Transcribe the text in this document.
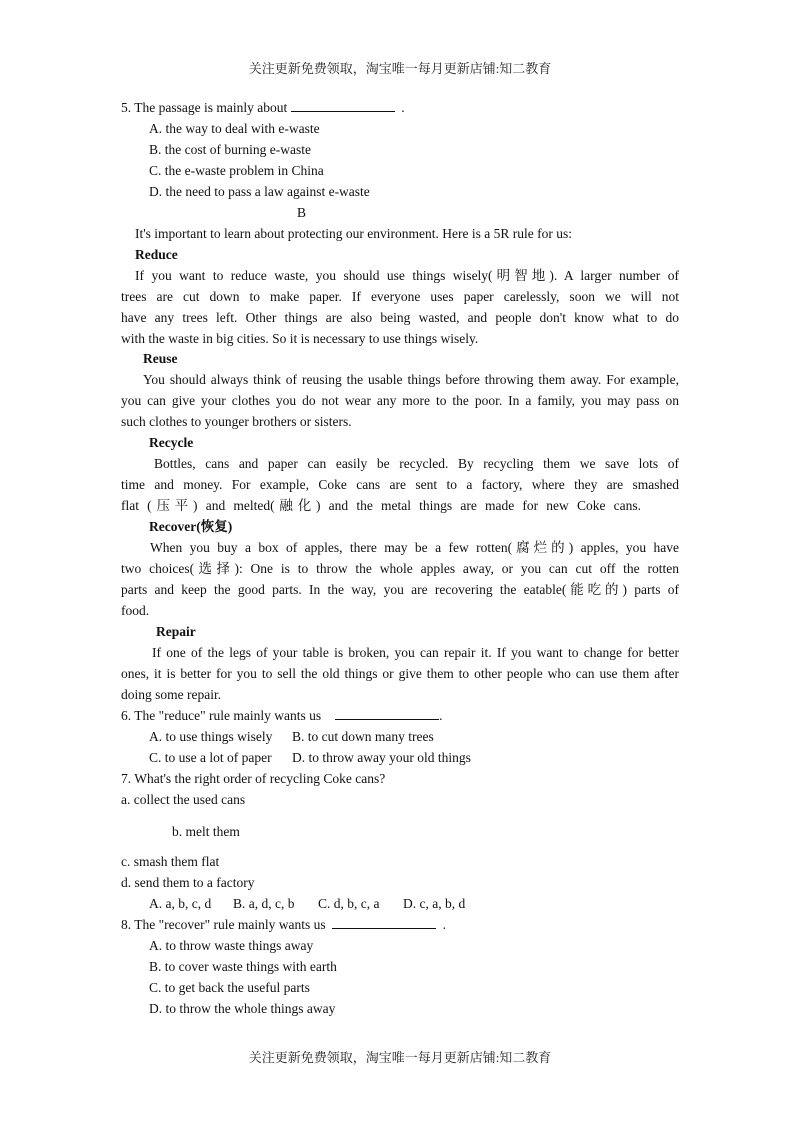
关注更新免费领取，淘宝唯一每月更新店铺:知二教育
5. The passage is mainly about	.
A. the way to deal with e-waste
B. the cost of burning e-waste
C. the e-waste problem in China
D. the need to pass a law against e-waste
B
It's important to learn about protecting our environment. Here is a 5R rule for us:
Reduce
If you want to reduce waste, you should use things wisely(明智地). A larger number of
trees are cut down to make paper. If everyone uses paper carelessly, soon we will not
have any trees left. Other things are also being wasted, and people don't know what to do
with the waste in big cities. So it is necessary to use things wisely.
Reuse
You should always think of reusing the usable things before throwing them away. For example,
you can give your clothes you do not wear any more to the poor. In a family, you may pass on
such clothes to younger brothers or sisters.
Recycle
Bottles, cans and paper can easily be recycled. By recycling them we save lots of
time and money. For example, Coke cans are sent to a factory, where they are smashed
flat (压平) and melted(融化) and the metal things are made for new Coke cans.
Recover(恢复)
When you buy a box of apples, there may be a few rotten(腐烂的) apples, you have
two choices(选择): One is to throw the whole apples away, or you can cut off the rotten
parts and keep the good parts. In the way, you are recovering the eatable(能吃的) parts of
food.
Repair
If one of the legs of your table is broken, you can repair it. If you want to change for better
ones, it is better for you to sell the old things or give them to other people who can use them after
doing some repair.
6. The "reduce" rule mainly wants us	.
A. to use things wisely B. to cut down many trees
C. to use a lot of paper D. to throw away your old things
7. What's the right order of recycling Coke cans?
a. collect the used cans
b. melt them
c. smash them flat
d. send them to a factory
A. a, b, c, d B. a, d, c, b C. d, b, c, a D. c, a, b, d
8. The "recover" rule mainly wants us	.
A. to throw waste things away
B. to cover waste things with earth
C. to get back the useful parts
D. to throw the whole things away
关注更新免费领取，淘宝唯一每月更新店铺:知二教育
